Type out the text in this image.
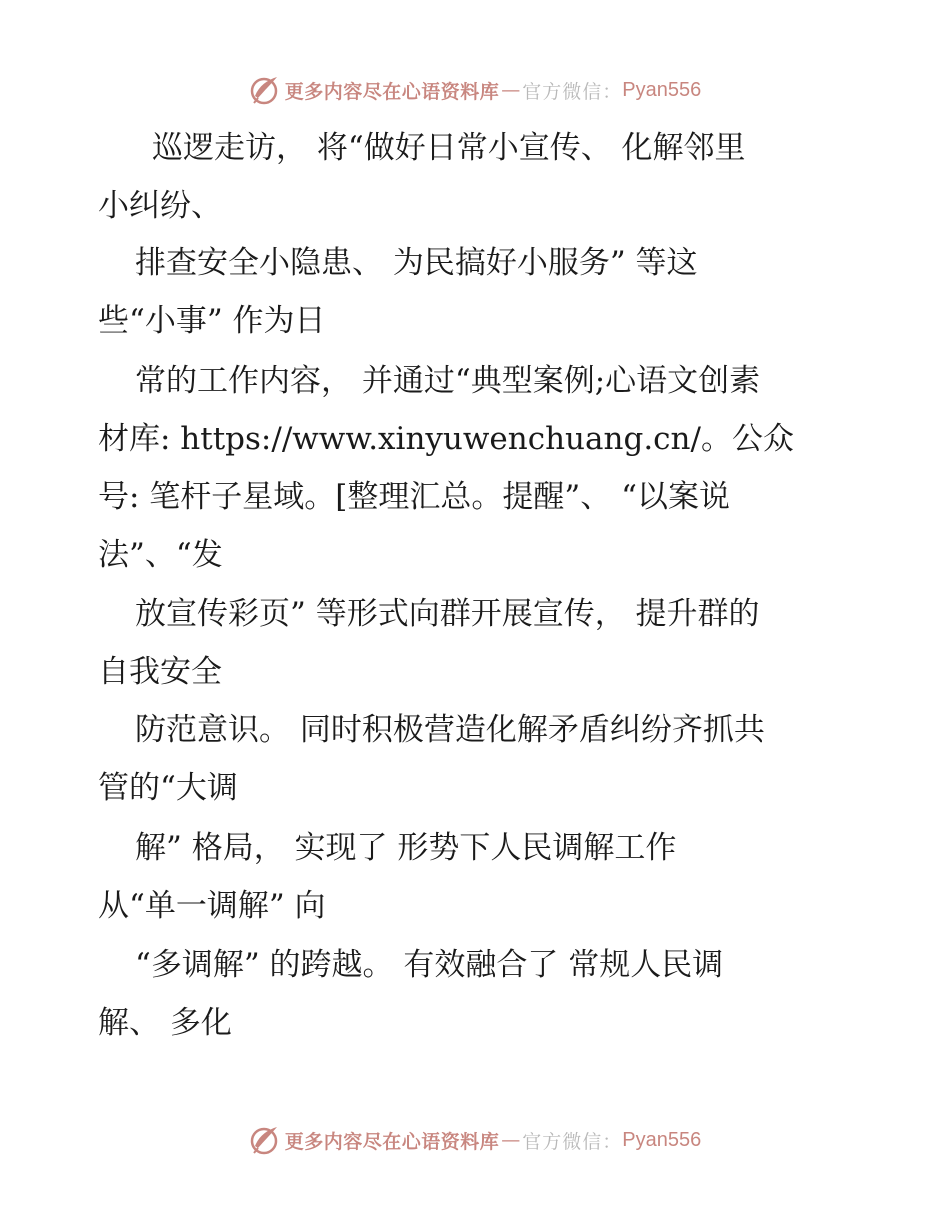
更多内容尽在心语资料库 — 官方微信： Pyan556
巡逻走访， 将“做好日常小宣传、 化解邻里
小纠纷、
排查安全小隐患、 为民搞好小服务” 等这
些“小事” 作为日
常的工作内容， 并通过“典型案例;心语文创素
材库: https://www.xinyuwenchuang.cn/。公众
号: 笔杆子星域。[整理汇总。提醒”、 “以案说
法”、“发
放宣传彩页” 等形式向群开展宣传， 提升群的
自我安全
防范意识。 同时积极营造化解矛盾纠纷齐抓共
管的“大调
解” 格局， 实现了 形势下人民调解工作
从“单一调解” 向
“多调解” 的跨越。 有效融合了 常规人民调
解、 多化
更多内容尽在心语资料库 — 官方微信： Pyan556
